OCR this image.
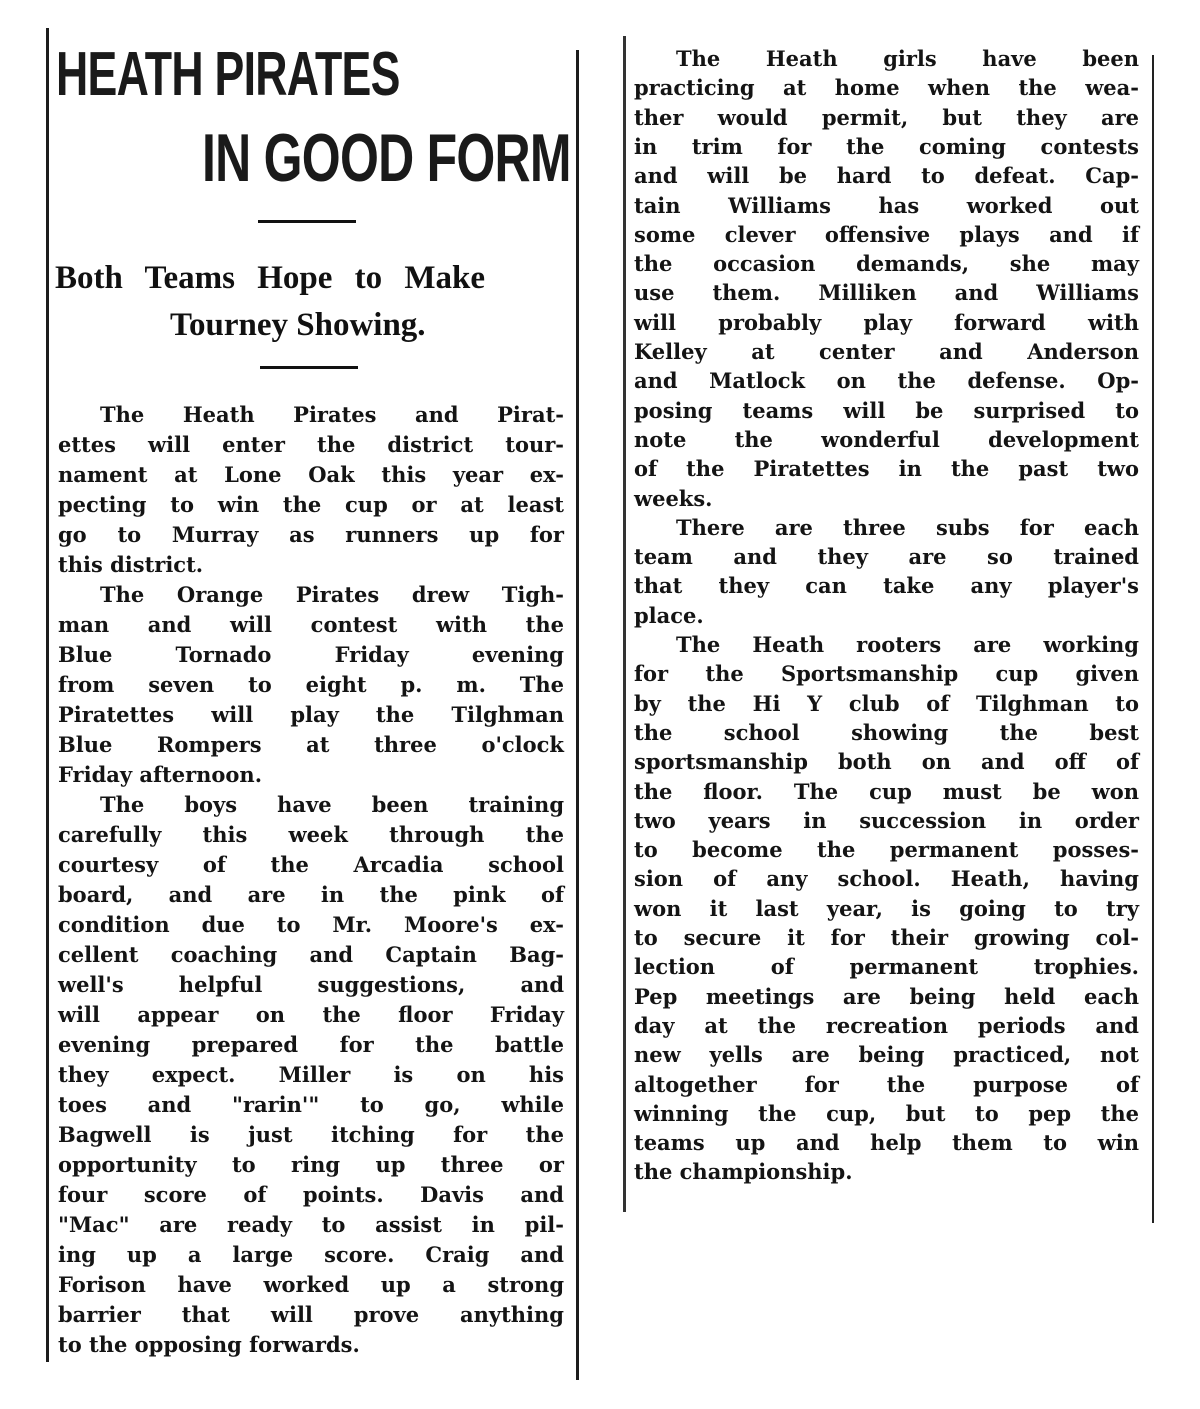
HEATH PIRATES
IN GOOD FORM
Both Teams Hope to Make
Tourney Showing.
The Heath Pirates and Pirat-
ettes will enter the district tour-
nament at Lone Oak this year ex-
pecting to win the cup or at least
go to Murray as runners up for
this district.
The Orange Pirates drew Tigh-
man and will contest with the
Blue Tornado Friday evening
from seven to eight p. m. The
Piratettes will play the Tilghman
Blue Rompers at three o'clock
Friday afternoon.
The boys have been training
carefully this week through the
courtesy of the Arcadia school
board, and are in the pink of
condition due to Mr. Moore's ex-
cellent coaching and Captain Bag-
well's helpful suggestions, and
will appear on the floor Friday
evening prepared for the battle
they expect. Miller is on his
toes and "rarin'" to go, while
Bagwell is just itching for the
opportunity to ring up three or
four score of points. Davis and
"Mac" are ready to assist in pil-
ing up a large score. Craig and
Forison have worked up a strong
barrier that will prove anything
to the opposing forwards.
The Heath girls have been
practicing at home when the wea-
ther would permit, but they are
in trim for the coming contests
and will be hard to defeat. Cap-
tain Williams has worked out
some clever offensive plays and if
the occasion demands, she may
use them. Milliken and Williams
will probably play forward with
Kelley at center and Anderson
and Matlock on the defense. Op-
posing teams will be surprised to
note the wonderful development
of the Piratettes in the past two
weeks.
There are three subs for each
team and they are so trained
that they can take any player's
place.
The Heath rooters are working
for the Sportsmanship cup given
by the Hi Y club of Tilghman to
the school showing the best
sportsmanship both on and off of
the floor. The cup must be won
two years in succession in order
to become the permanent posses-
sion of any school. Heath, having
won it last year, is going to try
to secure it for their growing col-
lection of permanent trophies.
Pep meetings are being held each
day at the recreation periods and
new yells are being practiced, not
altogether for the purpose of
winning the cup, but to pep the
teams up and help them to win
the championship.
